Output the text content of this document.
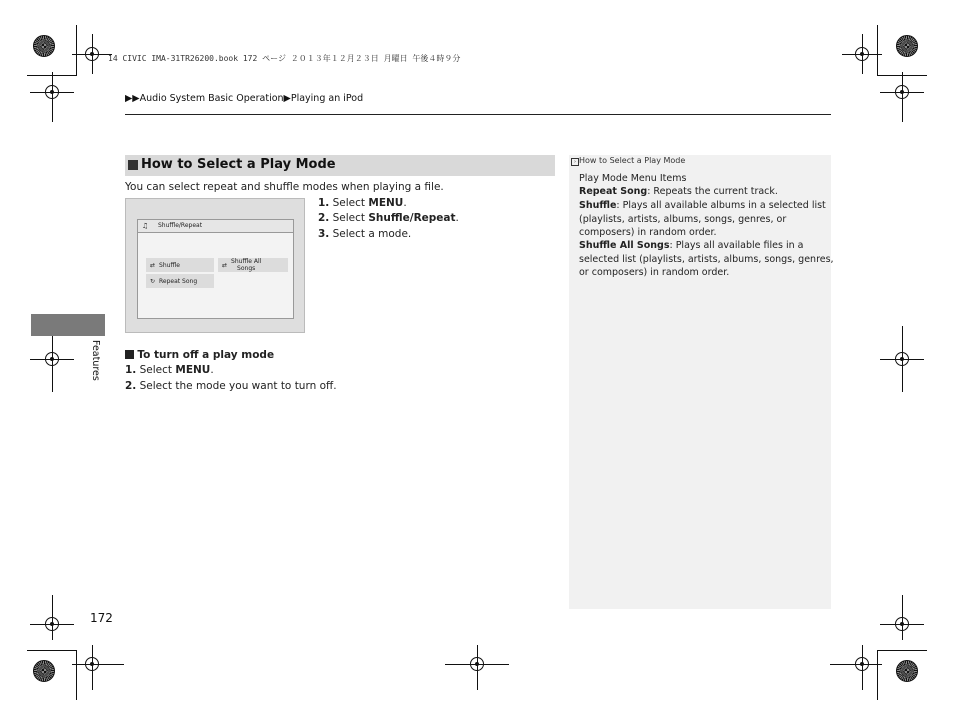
14 CIVIC IMA-31TR26200.book 172 ページ ２０１３年１２月２３日 月曜日 午後４時９分
▶▶Audio System Basic Operation▶Playing an iPod
How to Select a Play Mode
You can select repeat and shuffle modes when playing a file.
1. Select MENU.
2. Select Shuffle/Repeat.
3. Select a mode.
♫ Shuffle/Repeat
⇄ Shuffle	⇄ Shuffle All
Songs
↻ Repeat Song
To turn off a play mode
1. Select MENU.
2. Select the mode you want to turn off.
› How to Select a Play Mode
Play Mode Menu Items
Repeat Song: Repeats the current track.
Shuffle: Plays all available albums in a selected list
(playlists, artists, albums, songs, genres, or
composers) in random order.
Shuffle All Songs: Plays all available files in a
selected list (playlists, artists, albums, songs, genres,
or composers) in random order.
Features
172
